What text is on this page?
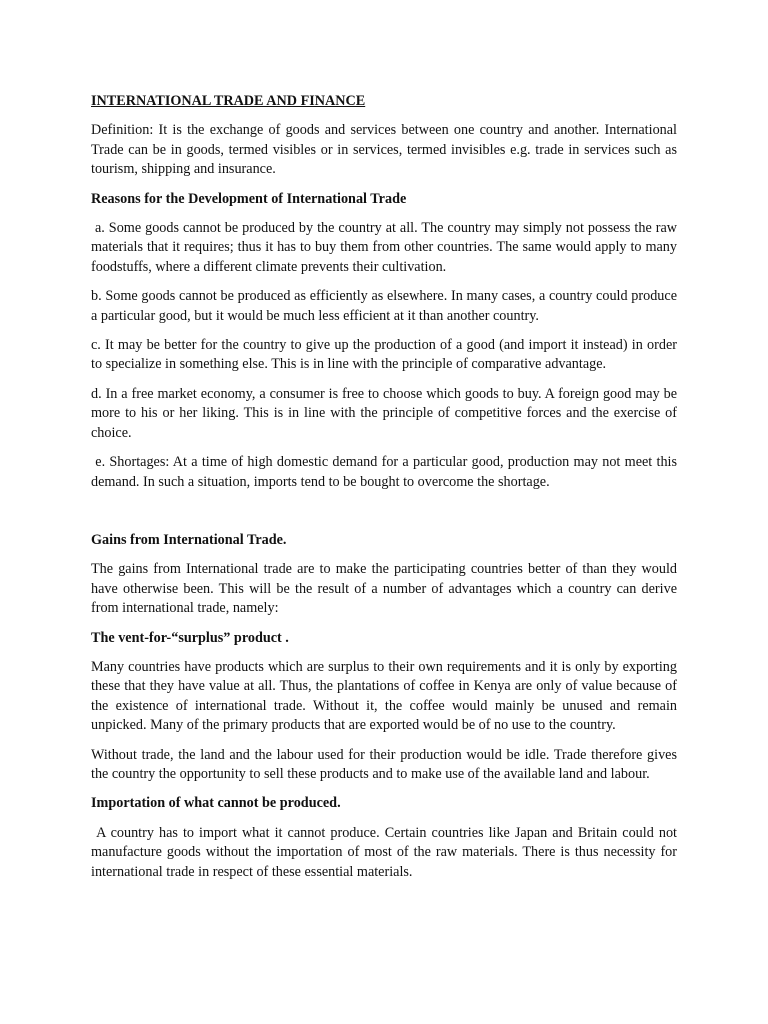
INTERNATIONAL TRADE AND FINANCE

Definition: It is the exchange of goods and services between one country and another. International Trade can be in goods, termed visibles or in services, termed invisibles e.g. trade in services such as tourism, shipping and insurance.

Reasons for the Development of International Trade

a. Some goods cannot be produced by the country at all. The country may simply not possess the raw materials that it requires; thus it has to buy them from other countries. The same would apply to many foodstuffs, where a different climate prevents their cultivation.

b. Some goods cannot be produced as efficiently as elsewhere. In many cases, a country could produce a particular good, but it would be much less efficient at it than another country.

c. It may be better for the country to give up the production of a good (and import it instead) in order to specialize in something else. This is in line with the principle of comparative advantage.

d. In a free market economy, a consumer is free to choose which goods to buy. A foreign good may be more to his or her liking. This is in line with the principle of competitive forces and the exercise of choice.

e. Shortages: At a time of high domestic demand for a particular good, production may not meet this demand. In such a situation, imports tend to be bought to overcome the shortage.

Gains from International Trade.

The gains from International trade are to make the participating countries better of than they would have otherwise been. This will be the result of a number of advantages which a country can derive from international trade, namely:

The vent-for-“surplus” product .

Many countries have products which are surplus to their own requirements and it is only by exporting these that they have value at all. Thus, the plantations of coffee in Kenya are only of value because of the existence of international trade. Without it, the coffee would mainly be unused and remain unpicked. Many of the primary products that are exported would be of no use to the country.

Without trade, the land and the labour used for their production would be idle. Trade therefore gives the country the opportunity to sell these products and to make use of the available land and labour.

Importation of what cannot be produced.

A country has to import what it cannot produce. Certain countries like Japan and Britain could not manufacture goods without the importation of most of the raw materials. There is thus necessity for international trade in respect of these essential materials.
